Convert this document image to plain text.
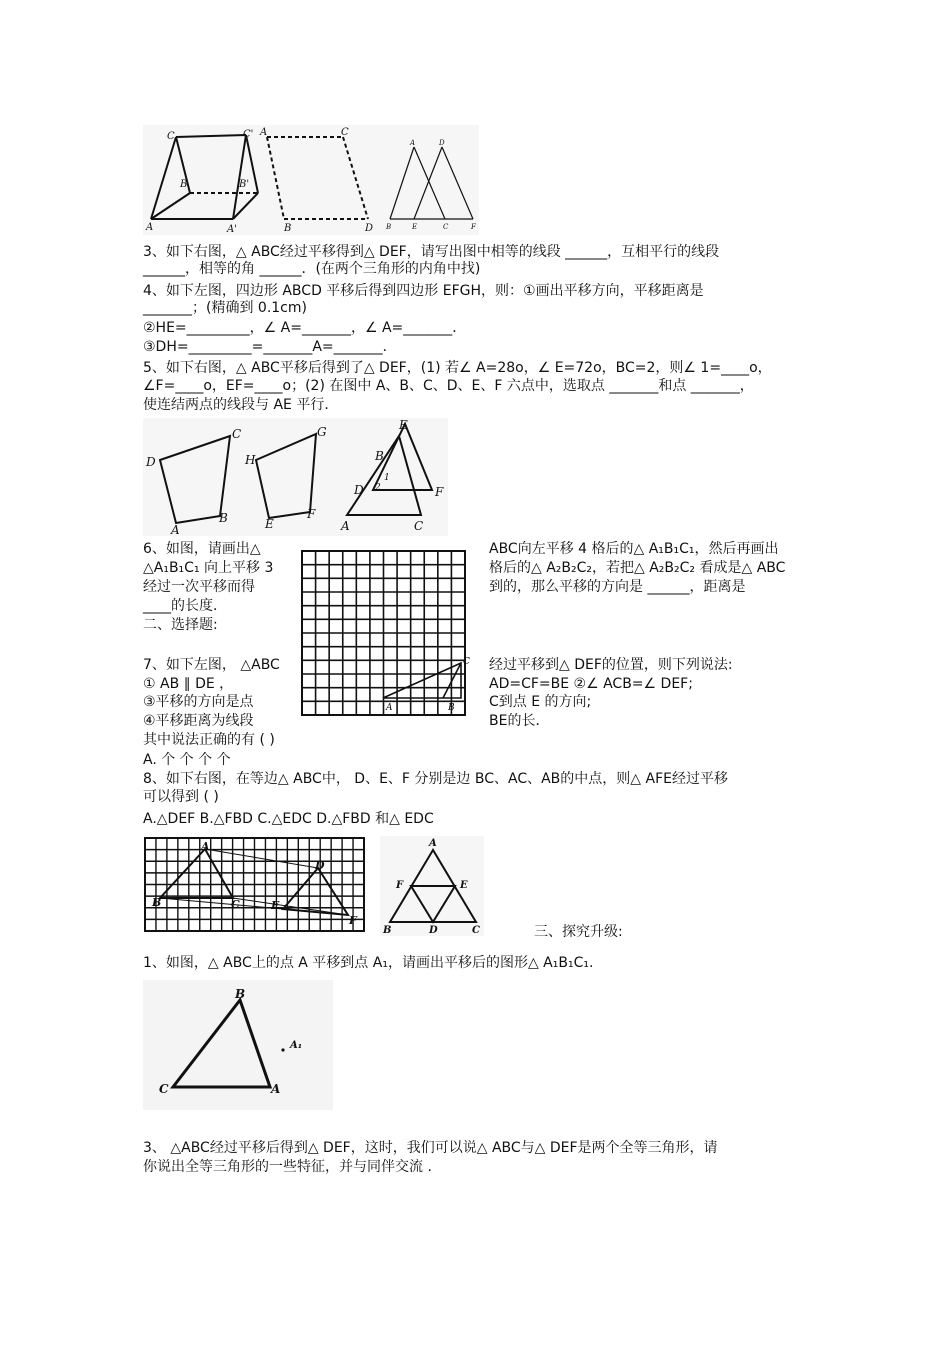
C	C'
B	B'
A	A'
A	C
B	D
A	D
B	E	C	F
3、如下右图，△ ABC经过平移得到△ DEF，请写出图中相等的线段 ______，互相平行的线段
______，相等的角 ______．(在两个三角形的内角中找)
4、如下左图，四边形 ABCD 平移后得到四边形 EFGH，则：①画出平移方向，平移距离是
_______；(精确到 0.1cm)
②HE=_________，∠ A=_______，∠ A=_______．
③DH=_________=_______A=_______．
5、如下右图，△ ABC平移后得到了△ DEF，(1) 若∠ A=28o，∠ E=72o，BC=2，则∠ 1=____o，
∠F=____o，EF=____o；(2) 在图中 A、B、C、D、E、F 六点中，选取点 _______和点 _______，
使连结两点的线段与 AE 平行．
D
C
B
A
H
G
F
E
E
B
D	F
A	C
1
2
6、如图，请画出△
△A₁B₁C₁ 向上平移 3
经过一次平移而得
____的长度．
二、选择题:
ABC向左平移 4 格后的△ A₁B₁C₁，然后再画出
格后的△ A₂B₂C₂，若把△ A₂B₂C₂ 看成是△ ABC
到的，那么平移的方向是 ______，距离是
C
A	B
7、如下左图， △ABC
① AB ∥ DE ，
③平移的方向是点
④平移距离为线段
经过平移到△ DEF的位置，则下列说法:
AD=CF=BE ②∠ ACB=∠ DEF;
C到点 E 的方向;
BE的长．
其中说法正确的有 ( )
A. 个 个 个 个
8、如下右图，在等边△ ABC中， D、E、F 分别是边 BC、AC、AB的中点，则△ AFE经过平移
可以得到 ( )
A.△DEF B.△FBD C.△EDC D.△FBD 和△ EDC
A
B	C
D
E
F
A
F	E
B	D	C	三、探究升级:
1、如图，△ ABC上的点 A 平移到点 A₁，请画出平移后的图形△ A₁B₁C₁.
B
C	A
A₁
3、 △ABC经过平移后得到△ DEF，这时，我们可以说△ ABC与△ DEF是两个全等三角形，请
你说出全等三角形的一些特征，并与同伴交流 .
